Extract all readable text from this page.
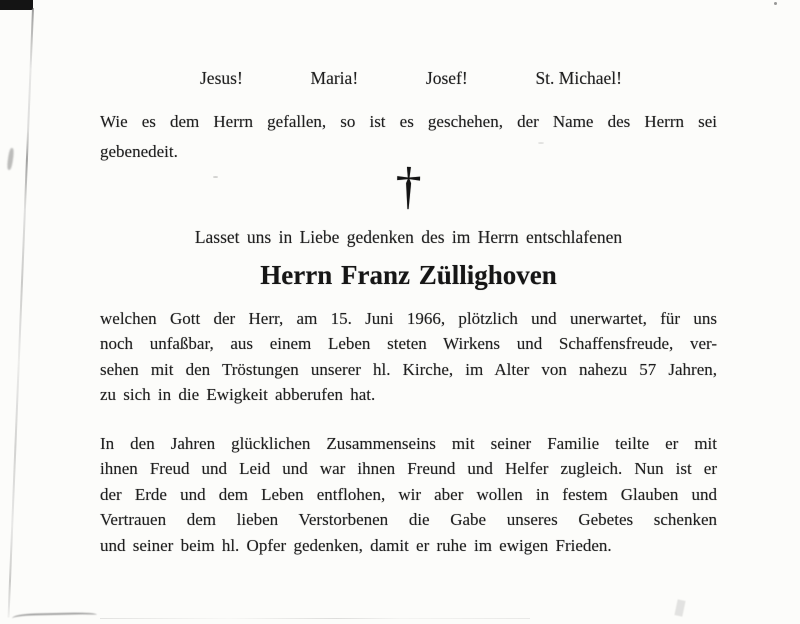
Jesus!	Maria!	Josef!	St. Michael!
Wie es dem Herrn gefallen, so ist es geschehen, der Name des Herrn sei
gebenedeit.
†
Lasset uns in Liebe gedenken des im Herrn entschlafenen
Herrn Franz Züllighoven
welchen Gott der Herr, am 15. Juni 1966, plötzlich und unerwartet, für uns
noch unfaßbar, aus einem Leben steten Wirkens und Schaffensfreude, ver-
sehen mit den Tröstungen unserer hl. Kirche, im Alter von nahezu 57 Jahren,
zu sich in die Ewigkeit abberufen hat.
In den Jahren glücklichen Zusammenseins mit seiner Familie teilte er mit
ihnen Freud und Leid und war ihnen Freund und Helfer zugleich. Nun ist er
der Erde und dem Leben entflohen, wir aber wollen in festem Glauben und
Vertrauen dem lieben Verstorbenen die Gabe unseres Gebetes schenken
und seiner beim hl. Opfer gedenken, damit er ruhe im ewigen Frieden.
